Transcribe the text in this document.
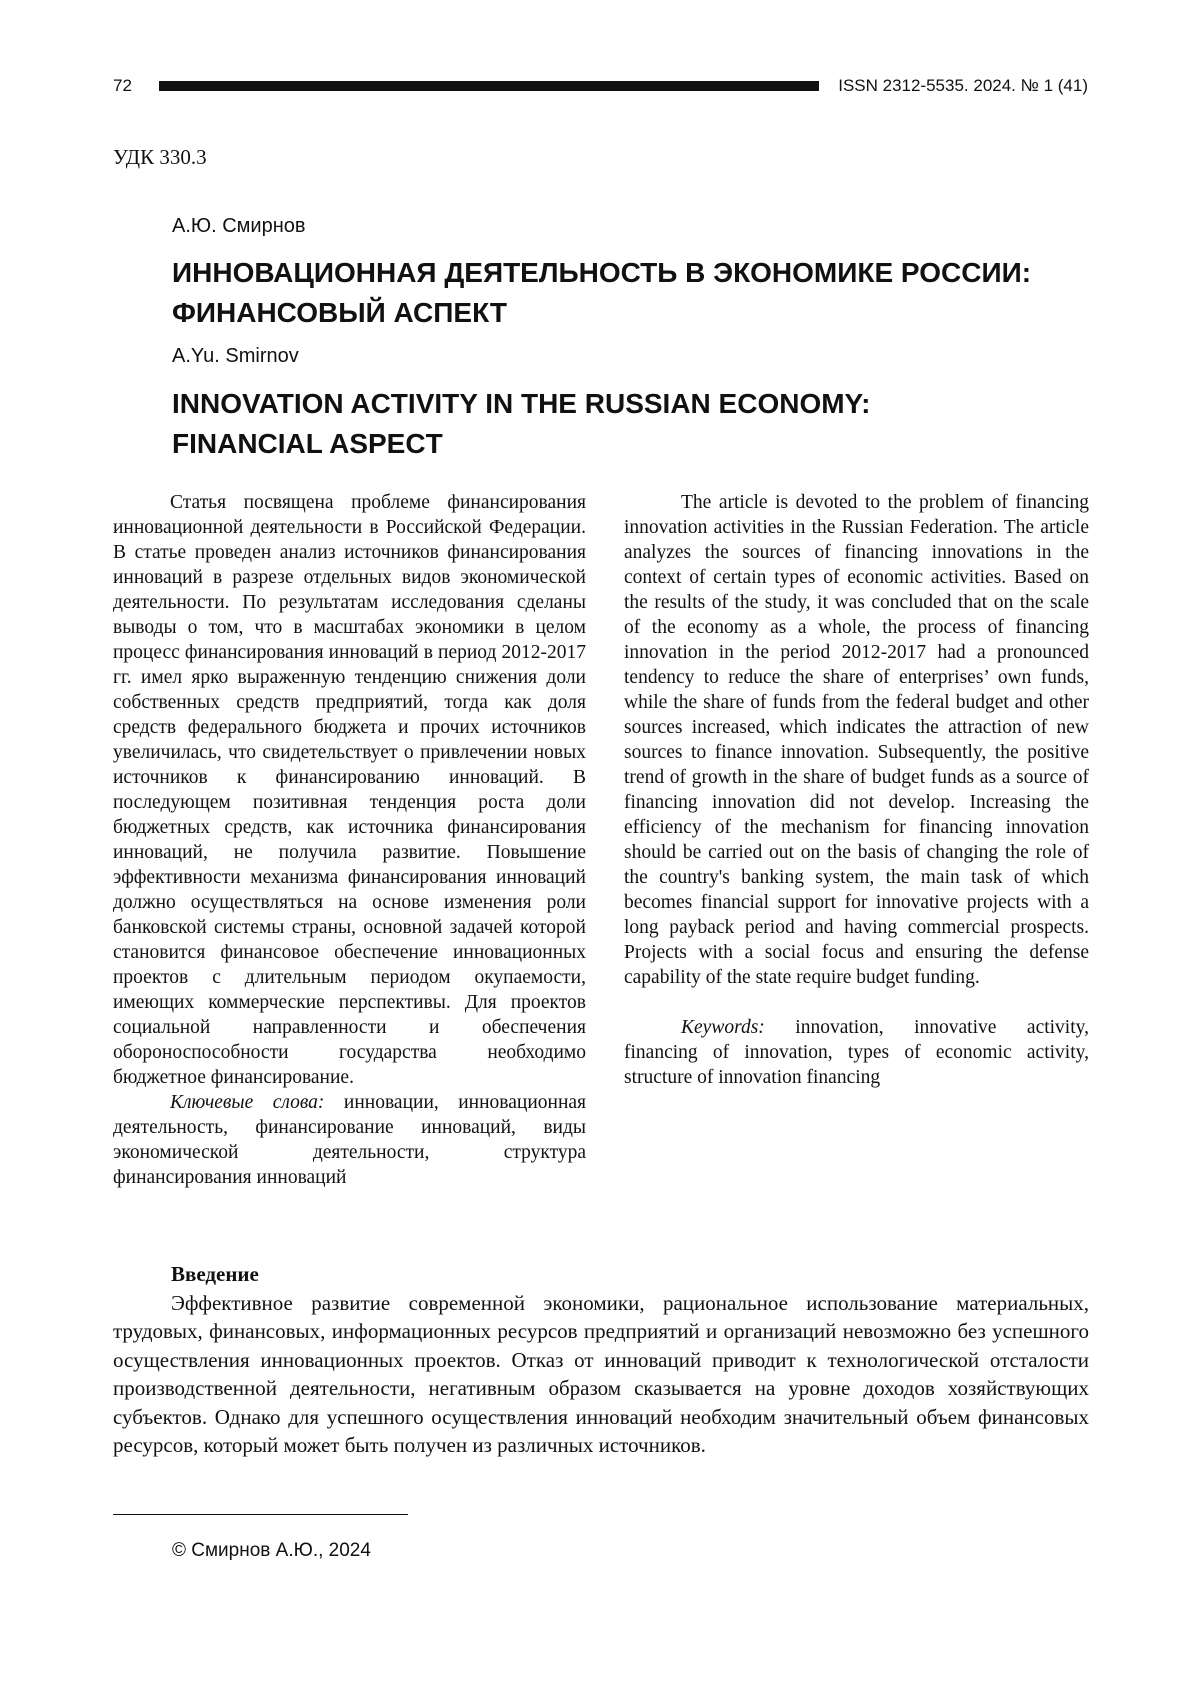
72	ISSN 2312-5535. 2024. № 1 (41)
УДК 330.3
А.Ю. Смирнов
ИННОВАЦИОННАЯ ДЕЯТЕЛЬНОСТЬ В ЭКОНОМИКЕ РОССИИ:
ФИНАНСОВЫЙ АСПЕКТ
A.Yu. Smirnov
INNOVATION ACTIVITY IN THE RUSSIAN ECONOMY:
FINANCIAL ASPECT

Статья посвящена проблеме финансирования инновационной деятельности в Российской Федерации. В статье проведен анализ источников финансирования инноваций в разрезе отдельных видов экономической деятельности. По результатам исследования сделаны выводы о том, что в масштабах экономики в целом процесс финансирования инноваций в период 2012-2017 гг. имел ярко выраженную тенденцию снижения доли собственных средств предприятий, тогда как доля средств федерального бюджета и прочих источников увеличилась, что свидетельствует о привлечении новых источников к финансированию инноваций. В последующем позитивная тенденция роста доли бюджетных средств, как источника финансирования инноваций, не получила развитие. Повышение эффективности механизма финансирования инноваций должно осуществляться на основе изменения роли банковской системы страны, основной задачей которой становится финансовое обеспечение инновационных проектов с длительным периодом окупаемости, имеющих коммерческие перспективы. Для проектов социальной направленности и обеспечения обороноспособности государства необходимо бюджетное финансирование.

Ключевые слова: инновации, инновационная деятельность, финансирование инноваций, виды экономической деятельности, структура финансирования инноваций

The article is devoted to the problem of financing innovation activities in the Russian Federation. The article analyzes the sources of financing innovations in the context of certain types of economic activities. Based on the results of the study, it was concluded that on the scale of the economy as a whole, the process of financing innovation in the period 2012-2017 had a pronounced tendency to reduce the share of enterprises’ own funds, while the share of funds from the federal budget and other sources increased, which indicates the attraction of new sources to finance innovation. Subsequently, the positive trend of growth in the share of budget funds as a source of financing innovation did not develop. Increasing the efficiency of the mechanism for financing innovation should be carried out on the basis of changing the role of the country's banking system, the main task of which becomes financial support for innovative projects with a long payback period and having commercial prospects. Projects with a social focus and ensuring the defense capability of the state require budget funding.

Keywords: innovation, innovative activity, financing of innovation, types of economic activity, structure of innovation financing

Введение

Эффективное развитие современной экономики, рациональное использование материальных, трудовых, финансовых, информационных ресурсов предприятий и организаций невозможно без успешного осуществления инновационных проектов. Отказ от инноваций приводит к технологической отсталости производственной деятельности, негативным образом сказывается на уровне доходов хозяйствующих субъектов. Однако для успешного осуществления инноваций необходим значительный объем финансовых ресурсов, который может быть получен из различных источников.

© Смирнов А.Ю., 2024
